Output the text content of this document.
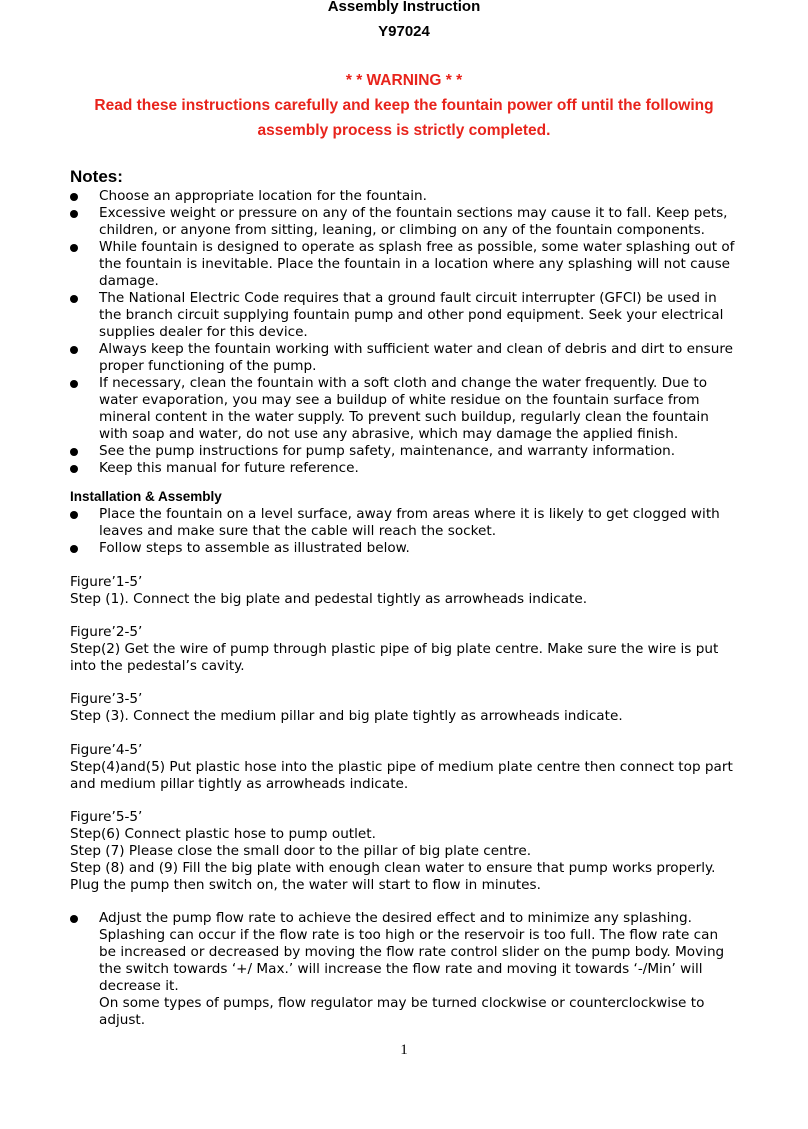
Assembly Instruction
Y97024
* * WARNING * *
Read these instructions carefully and keep the fountain power off until the following
assembly process is strictly completed.
Notes:
Choose an appropriate location for the fountain.
Excessive weight or pressure on any of the fountain sections may cause it to fall. Keep pets, children, or anyone from sitting, leaning, or climbing on any of the fountain components.
While fountain is designed to operate as splash free as possible, some water splashing out of the fountain is inevitable. Place the fountain in a location where any splashing will not cause damage.
The National Electric Code requires that a ground fault circuit interrupter (GFCI) be used in the branch circuit supplying fountain pump and other pond equipment. Seek your electrical supplies dealer for this device.
Always keep the fountain working with sufficient water and clean of debris and dirt to ensure proper functioning of the pump.
If necessary, clean the fountain with a soft cloth and change the water frequently. Due to water evaporation, you may see a buildup of white residue on the fountain surface from mineral content in the water supply. To prevent such buildup, regularly clean the fountain with soap and water, do not use any abrasive, which may damage the applied finish.
See the pump instructions for pump safety, maintenance, and warranty information.
Keep this manual for future reference.
Installation & Assembly
Place the fountain on a level surface, away from areas where it is likely to get clogged with leaves and make sure that the cable will reach the socket.
Follow steps to assemble as illustrated below.
Figure’1-5’
Step (1). Connect the big plate and pedestal tightly as arrowheads indicate.
Figure’2-5’
Step(2) Get the wire of pump through plastic pipe of big plate centre. Make sure the wire is put into the pedestal’s cavity.
Figure’3-5’
Step (3). Connect the medium pillar and big plate tightly as arrowheads indicate.
Figure’4-5’
Step(4)and(5) Put plastic hose into the plastic pipe of medium plate centre then connect top part and medium pillar tightly as arrowheads indicate.
Figure’5-5’
Step(6) Connect plastic hose to pump outlet.
Step (7) Please close the small door to the pillar of big plate centre.
Step (8) and (9) Fill the big plate with enough clean water to ensure that pump works properly. Plug the pump then switch on, the water will start to flow in minutes.
Adjust the pump flow rate to achieve the desired effect and to minimize any splashing. Splashing can occur if the flow rate is too high or the reservoir is too full. The flow rate can be increased or decreased by moving the flow rate control slider on the pump body. Moving the switch towards ‘+/ Max.’ will increase the flow rate and moving it towards ‘-/Min’ will decrease it.
On some types of pumps, flow regulator may be turned clockwise or counterclockwise to adjust.
1
